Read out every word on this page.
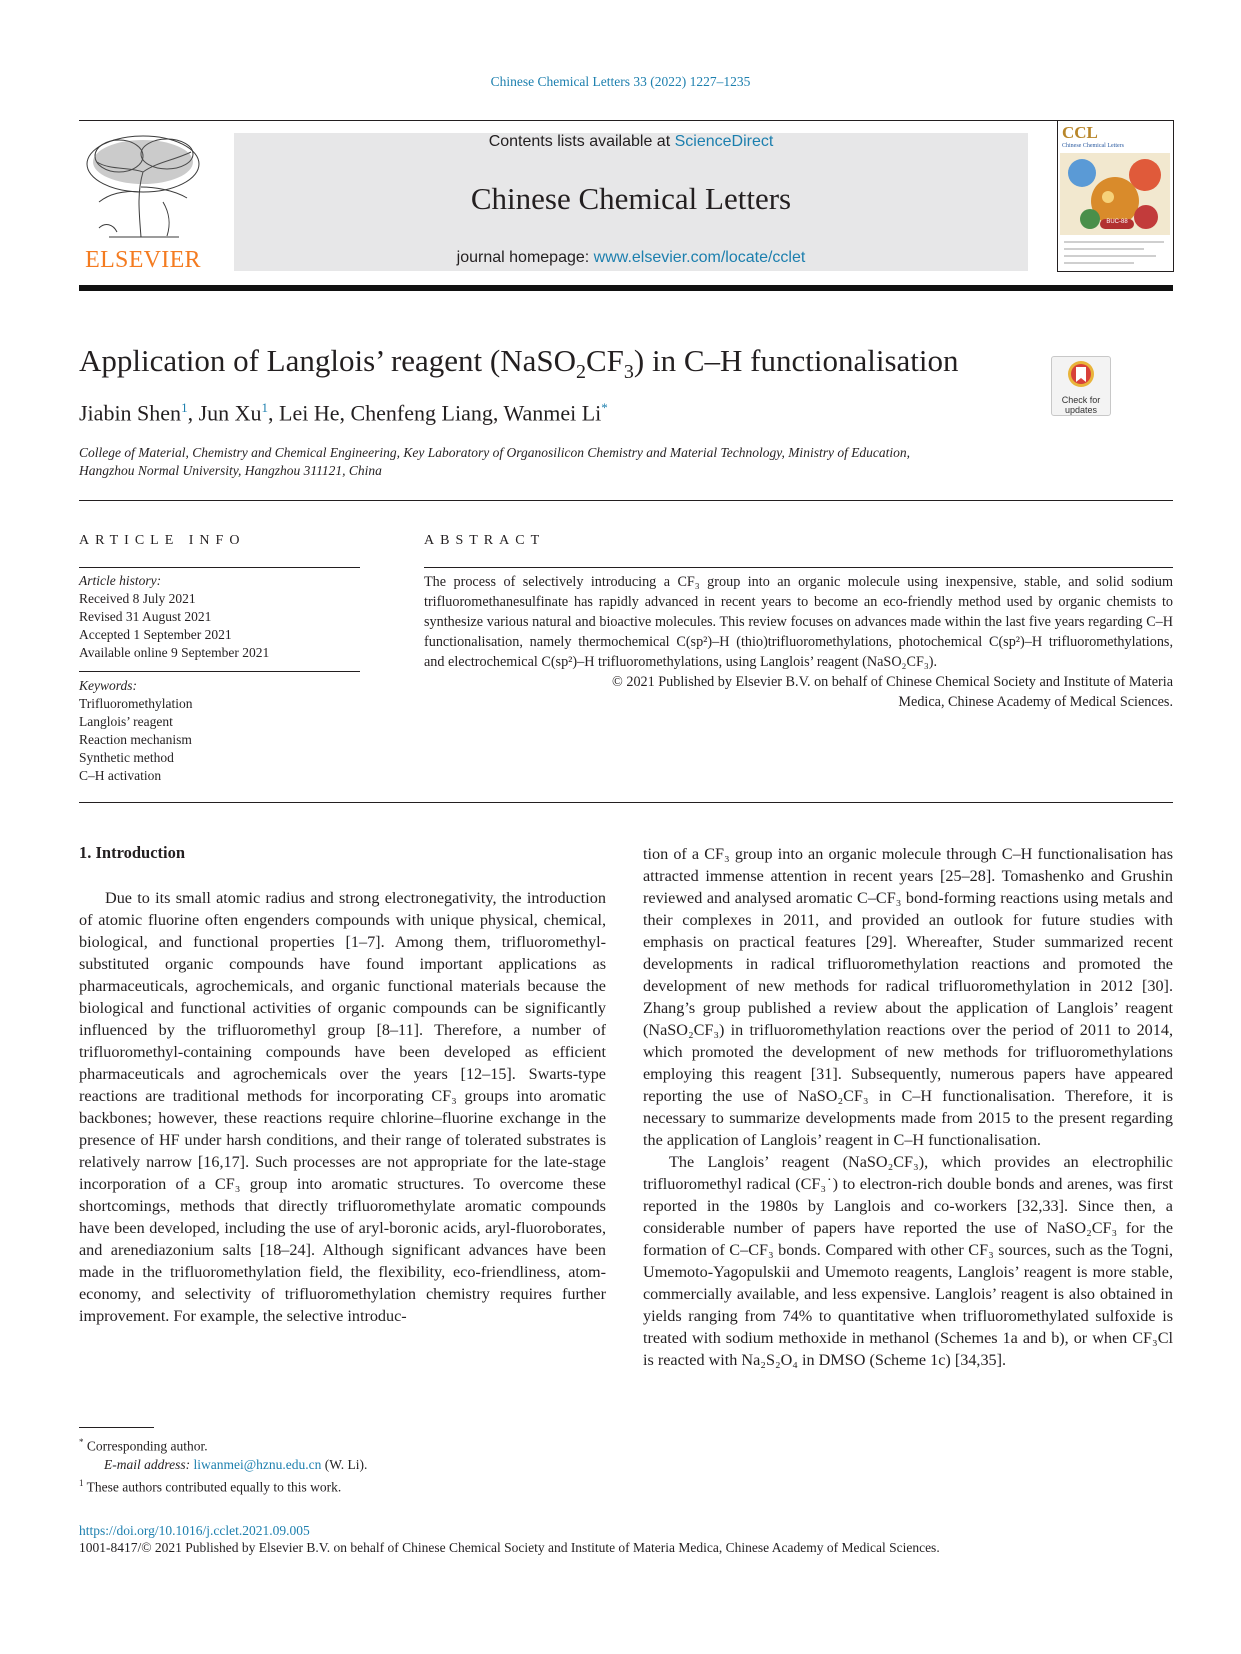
Chinese Chemical Letters 33 (2022) 1227–1235
ELSEVIER
Contents lists available at ScienceDirect
Chinese Chemical Letters
journal homepage: www.elsevier.com/locate/cclet
CCL
Chinese Chemical Letters
BUC-88
Application of Langlois’ reagent $(NaSO_2CF_3)$ in C–H functionalisation
Check for updates
Jiabin Shen$^1$, Jun Xu$^1$, Lei He, Chenfeng Liang, Wanmei Li*
College of Material, Chemistry and Chemical Engineering, Key Laboratory of Organosilicon Chemistry and Material Technology, Ministry of Education,
Hangzhou Normal University, Hangzhou 311121, China
ARTICLE INFO
Article history:
Received 8 July 2021
Revised 31 August 2021
Accepted 1 September 2021
Available online 9 September 2021
Keywords:
Trifluoromethylation
Langlois’ reagent
Reaction mechanism
Synthetic method
C–H activation
ABSTRACT
The process of selectively introducing a CF₃ group into an organic molecule using inexpensive, stable, and solid sodium trifluoromethanesulfinate has rapidly advanced in recent years to become an eco-friendly method used by organic chemists to synthesize various natural and bioactive molecules. This review focuses on advances made within the last five years regarding C–H functionalisation, namely thermochemical C(sp²)–H (thio)trifluoromethylations, photochemical C(sp²)–H trifluoromethylations, and electrochemical C(sp²)–H trifluoromethylations, using Langlois’ reagent (NaSO₂CF₃).
© 2021 Published by Elsevier B.V. on behalf of Chinese Chemical Society and Institute of Materia
Medica, Chinese Academy of Medical Sciences.
1. Introduction

Due to its small atomic radius and strong electronegativity, the introduction of atomic fluorine often engenders compounds with unique physical, chemical, biological, and functional properties [1–7]. Among them, trifluoromethyl-substituted organic compounds have found important applications as pharmaceuticals, agrochemicals, and organic functional materials because the biological and functional activities of organic compounds can be significantly influenced by the trifluoromethyl group [8–11]. Therefore, a number of trifluoromethyl-containing compounds have been developed as efficient pharmaceuticals and agrochemicals over the years [12–15]. Swarts-type reactions are traditional methods for incorporating CF₃ groups into aromatic backbones; however, these reactions require chlorine–fluorine exchange in the presence of HF under harsh conditions, and their range of tolerated substrates is relatively narrow [16,17]. Such processes are not appropriate for the late-stage incorporation of a CF₃ group into aromatic structures. To overcome these shortcomings, methods that directly trifluoromethylate aromatic compounds have been developed, including the use of aryl-boronic acids, aryl-fluoroborates, and arenediazonium salts [18–24]. Although significant advances have been made in the trifluoromethylation field, the flexibility, eco-friendliness, atom-economy, and selectivity of trifluoromethylation chemistry requires further improvement. For example, the selective introduc-

* Corresponding author.
E-mail address: liwanmei@hznu.edu.cn (W. Li).
$^1$ These authors contributed equally to this work.

tion of a CF₃ group into an organic molecule through C–H functionalisation has attracted immense attention in recent years [25–28]. Tomashenko and Grushin reviewed and analysed aromatic C–CF₃ bond-forming reactions using metals and their complexes in 2011, and provided an outlook for future studies with emphasis on practical features [29]. Whereafter, Studer summarized recent developments in radical trifluoromethylation reactions and promoted the development of new methods for radical trifluoromethylation in 2012 [30]. Zhang’s group published a review about the application of Langlois’ reagent (NaSO₂CF₃) in trifluoromethylation reactions over the period of 2011 to 2014, which promoted the development of new methods for trifluoromethylations employing this reagent [31]. Subsequently, numerous papers have appeared reporting the use of NaSO₂CF₃ in C–H functionalisation. Therefore, it is necessary to summarize developments made from 2015 to the present regarding the application of Langlois’ reagent in C–H functionalisation.

The Langlois’ reagent (NaSO₂CF₃), which provides an electrophilic trifluoromethyl radical (CF₃˙) to electron-rich double bonds and arenes, was first reported in the 1980s by Langlois and co-workers [32,33]. Since then, a considerable number of papers have reported the use of NaSO₂CF₃ for the formation of C–CF₃ bonds. Compared with other CF₃ sources, such as the Togni, Umemoto-Yagopulskii and Umemoto reagents, Langlois’ reagent is more stable, commercially available, and less expensive. Langlois’ reagent is also obtained in yields ranging from 74% to quantitative when trifluoromethylated sulfoxide is treated with sodium methoxide in methanol (Schemes 1a and b), or when CF₃Cl is reacted with Na₂S₂O₄ in DMSO (Scheme 1c) [34,35].

https://doi.org/10.1016/j.cclet.2021.09.005
1001-8417/© 2021 Published by Elsevier B.V. on behalf of Chinese Chemical Society and Institute of Materia Medica, Chinese Academy of Medical Sciences.
